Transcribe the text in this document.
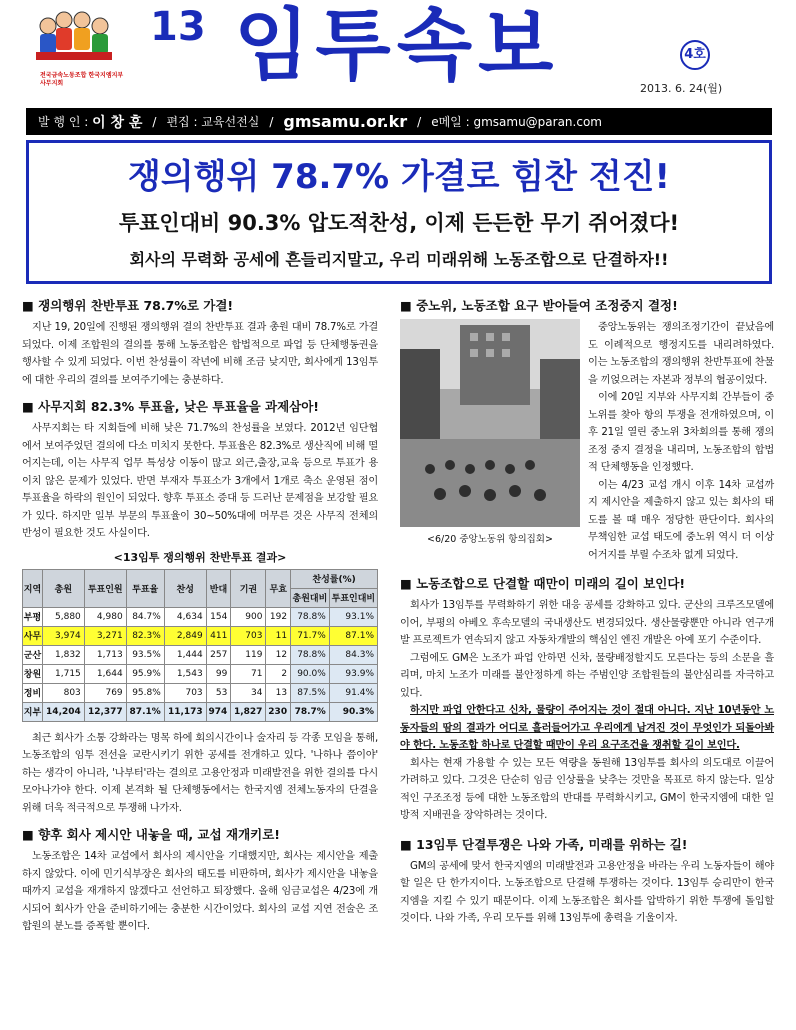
전국금속노동조합 한국지엠지부 사무지회
13 임투속보	4호
2013. 6. 24(월)
발 행 인 :
이 창 훈 / 편집 :
교육선전실 / gmsamu.or.kr / e메일 :
gmsamu@paran.com
쟁의행위 78.7% 가결로 힘찬 전진!
투표인대비 90.3% 압도적찬성, 이제 든든한 무기 쥐어졌다!
회사의 무력화 공세에 흔들리지말고, 우리 미래위해 노동조합으로 단결하자!!
■ 쟁의행위 찬반투표 78.7%로 가결!

지난 19, 20일에 진행된 쟁의행위 결의 찬반투표 결과 총원 대비 78.7%로 가결되었다. 이제 조합원의 결의를 통해 노동조합은 합법적으로 파업 등 단체행동권을 행사할 수 있게 되었다. 이번 찬성률이 작년에 비해 조금 낮지만, 회사에게 13임투에 대한 우리의 결의를 보여주기에는 충분하다.

■ 사무지회 82.3% 투표율, 낮은 투표율을 과제삼아!

사무지회는 타 지회들에 비해 낮은 71.7%의 찬성률을 보였다. 2012년 임단협에서 보여주었던 결의에 다소 미치지 못한다. 투표율은 82.3%로 생산직에 비해 떨어지는데, 이는 사무직 업무 특성상 이동이 많고 외근,출장,교육 등으로 투표가 용이치 않은 문제가 있었다. 반면 부재자 투표소가 3개에서 1개로 축소 운영된 점이 투표율을 하락의 원인이 되었다. 향후 투표소 증대 등 드러난 문제점을 보강할 필요가 있다. 하지만 일부 부문의 투표율이 30~50%대에 머무른 것은 사무직 전체의 반성이 필요한 것도 사실이다.

<13임투 쟁의행위 찬반투표 결과>
지역	총원	투표인원	투표율	찬성	반대	기권	무효	찬성률(%)	
								총원대비	투표인대비
부평	5,880	4,980	84.7%	4,634	154	900	192	78.8%	93.1%
사무	3,974	3,271	82.3%	2,849	411	703	11	71.7%	87.1%
군산	1,832	1,713	93.5%	1,444	257	119	12	78.8%	84.3%
창원	1,715	1,644	95.9%	1,543	99	71	2	90.0%	93.9%
정비	803	769	95.8%	703	53	34	13	87.5%	91.4%
지부	14,204	12,377	87.1%	11,173	974	1,827	230	78.7%	90.3%

최근 회사가 소통 강화라는 명목 하에 회의시간이나 술자리 등 각종 모임을 통해, 노동조합의 임투 전선을 교란시키기 위한 공세를 전개하고 있다. '나하나 쯤이야' 하는 생각이 아니라, '나부터'라는 결의로 고용안정과 미래발전을 위한 결의를 다시 모아나가야 한다. 이제 본격화 될 단체행동에서는 한국지엠 전체노동자의 단결을 위해 더욱 적극적으로 투쟁해 나가자.

■ 향후 회사 제시안 내놓을 때, 교섭 재개키로!

노동조합은 14차 교섭에서 회사의 제시안을 기대했지만, 회사는 제시안을 제출하지 않았다. 이에 민기식부장은 회사의 태도를 비판하며, 회사가 제시안을 내놓을 때까지 교섭을 재개하지 않겠다고 선언하고 퇴장했다. 올해 임금교섭은 4/23에 개시되어 회사가 안을 준비하기에는 충분한 시간이었다. 회사의 교섭 지연 전술은 조합원의 분노를 증폭할 뿐이다.

■ 중노위, 노동조합 요구 받아들여 조정중지 결정!
<6/20 중앙노동위 항의집회>

중앙노동위는 쟁의조정기간이 끝났음에도 이례적으로 행정지도를 내리려하였다. 이는 노동조합의 쟁의행위 찬반투표에 찬물을 끼얹으려는 자본과 정부의 협공이었다.

이에 20일 지부와 사무지회 간부들이 중노위를 찾아 항의 투쟁을 전개하였으며, 이후 21일 열린 중노위 3차회의를 통해 쟁의조정 중지 결정을 내리며, 노동조합의 합법적 단체행동을 인정했다.

이는 4/23 교섭 개시 이후 14차 교섭까지 제시안을 제출하지 않고 있는 회사의 태도를 볼 때 매우 정당한 판단이다. 회사의 무책임한 교섭 태도에 중노위 역시 더 이상 어거지를 부릴 수조차 없게 되었다.

■ 노동조합으로 단결할 때만이 미래의 길이 보인다!

회사가 13임투를 무력화하기 위한 대응 공세를 강화하고 있다. 군산의 크루즈모델에 이어, 부평의 아베오 후속모델의 국내생산도 변경되었다. 생산물량뿐만 아니라 연구개발 프로젝트가 연속되지 않고 자동차개발의 핵심인 엔진 개발은 아예 포기 수준이다.

그럼에도 GM은 노조가 파업 안하면 신차, 물량배정할지도 모른다는 등의 소문을 흘리며, 마치 노조가 미래를 불안정하게 하는 주범인양 조합원들의 불안심리를 자극하고 있다.

하지만 파업 안한다고 신차, 물량이 주어지는 것이 절대 아니다. 지난 10년동안 노동자들의 땀의 결과가 어디로 흘러들어가고 우리에게 남겨진 것이 무엇인가 되돌아봐야 한다. 노동조합 하나로 단결할 때만이 우리 요구조건을 쟁취할 길이 보인다.

회사는 현재 가용할 수 있는 모든 역량을 동원해 13임투를 회사의 의도대로 이끌어 가려하고 있다. 그것은 단순히 임금 인상률을 낮추는 것만을 목표로 하지 않는다. 일상적인 구조조정 등에 대한 노동조합의 반대를 무력화시키고, GM이 한국지엠에 대한 일방적 지배권을 장악하려는 것이다.

■ 13임투 단결투쟁은 나와 가족, 미래를 위하는 길!

GM의 공세에 맞서 한국지엠의 미래발전과 고용안정을 바라는 우리 노동자들이 해야 할 일은 단 한가지이다. 노동조합으로 단결해 투쟁하는 것이다. 13임투 승리만이 한국지엠을 지킬 수 있기 때문이다. 이제 노동조합은 회사를 압박하기 위한 투쟁에 돌입할 것이다. 나와 가족, 우리 모두를 위해 13임투에 총력을 기울이자.
